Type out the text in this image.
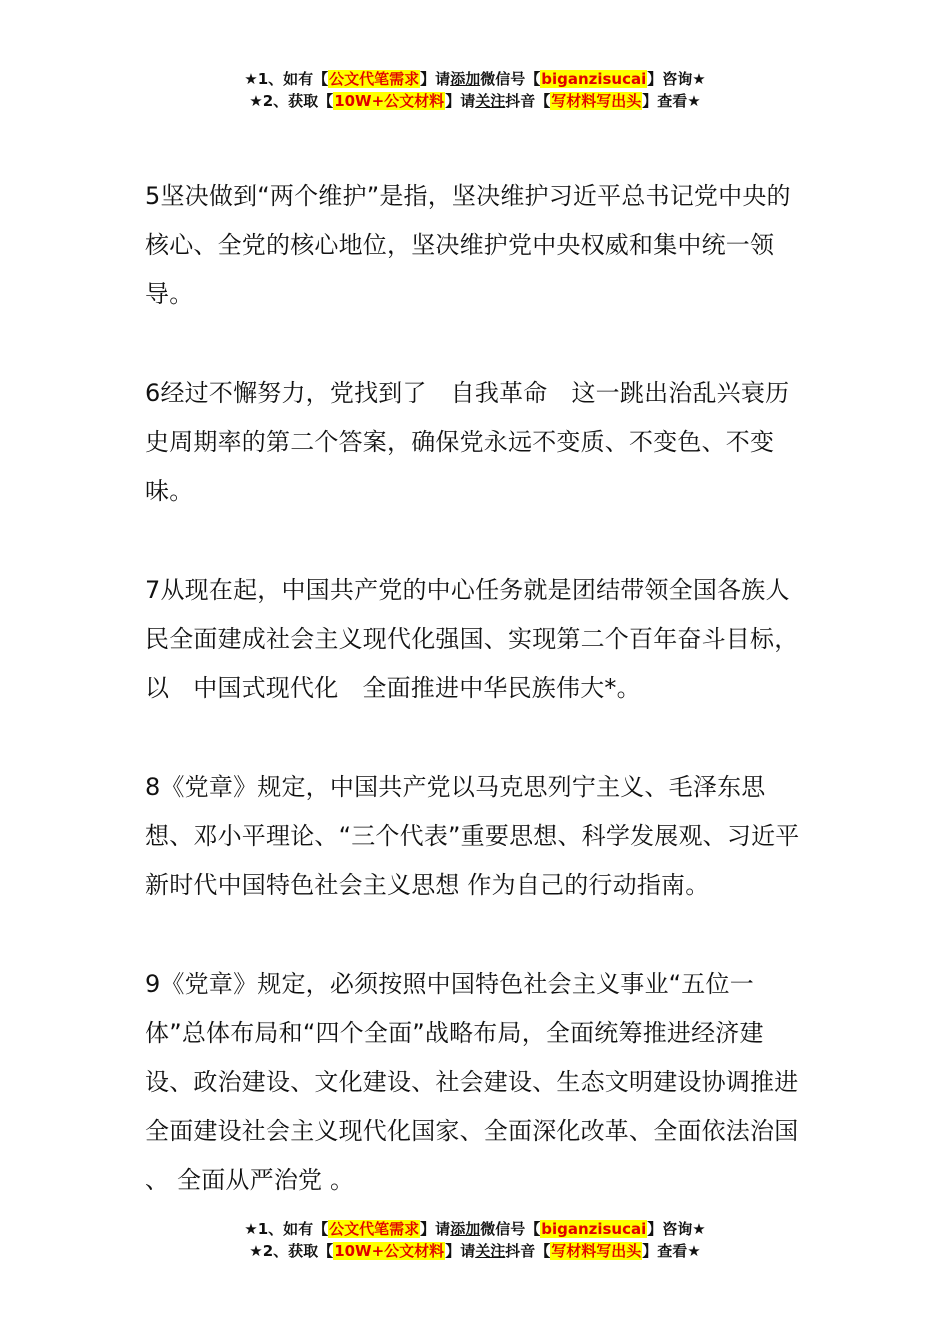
★1、如有【公文代笔需求】请添加微信号【biganzisucai】咨询★
★2、获取【10W+公文材料】请关注抖音【写材料写出头】查看★

5坚决做到“两个维护”是指，坚决维护习近平总书记党中央的核心、全党的核心地位，坚决维护党中央权威和集中统一领导。

6经过不懈努力，党找到了 自我革命 这一跳出治乱兴衰历史周期率的第二个答案，确保党永远不变质、不变色、不变味。

7从现在起，中国共产党的中心任务就是团结带领全国各族人民全面建成社会主义现代化强国、实现第二个百年奋斗目标，以 中国式现代化 全面推进中华民族伟大*。

8《党章》规定，中国共产党以马克思列宁主义、毛泽东思想、邓小平理论、“三个代表”重要思想、科学发展观、习近平新时代中国特色社会主义思想 作为自己的行动指南。

9《党章》规定，必须按照中国特色社会主义事业“五位一体”总体布局和“四个全面”战略布局，全面统筹推进经济建设、政治建设、文化建设、社会建设、生态文明建设协调推进全面建设社会主义现代化国家、全面深化改革、全面依法治国 、 全面从严治党 。

★1、如有【公文代笔需求】请添加微信号【biganzisucai】咨询★
★2、获取【10W+公文材料】请关注抖音【写材料写出头】查看★
